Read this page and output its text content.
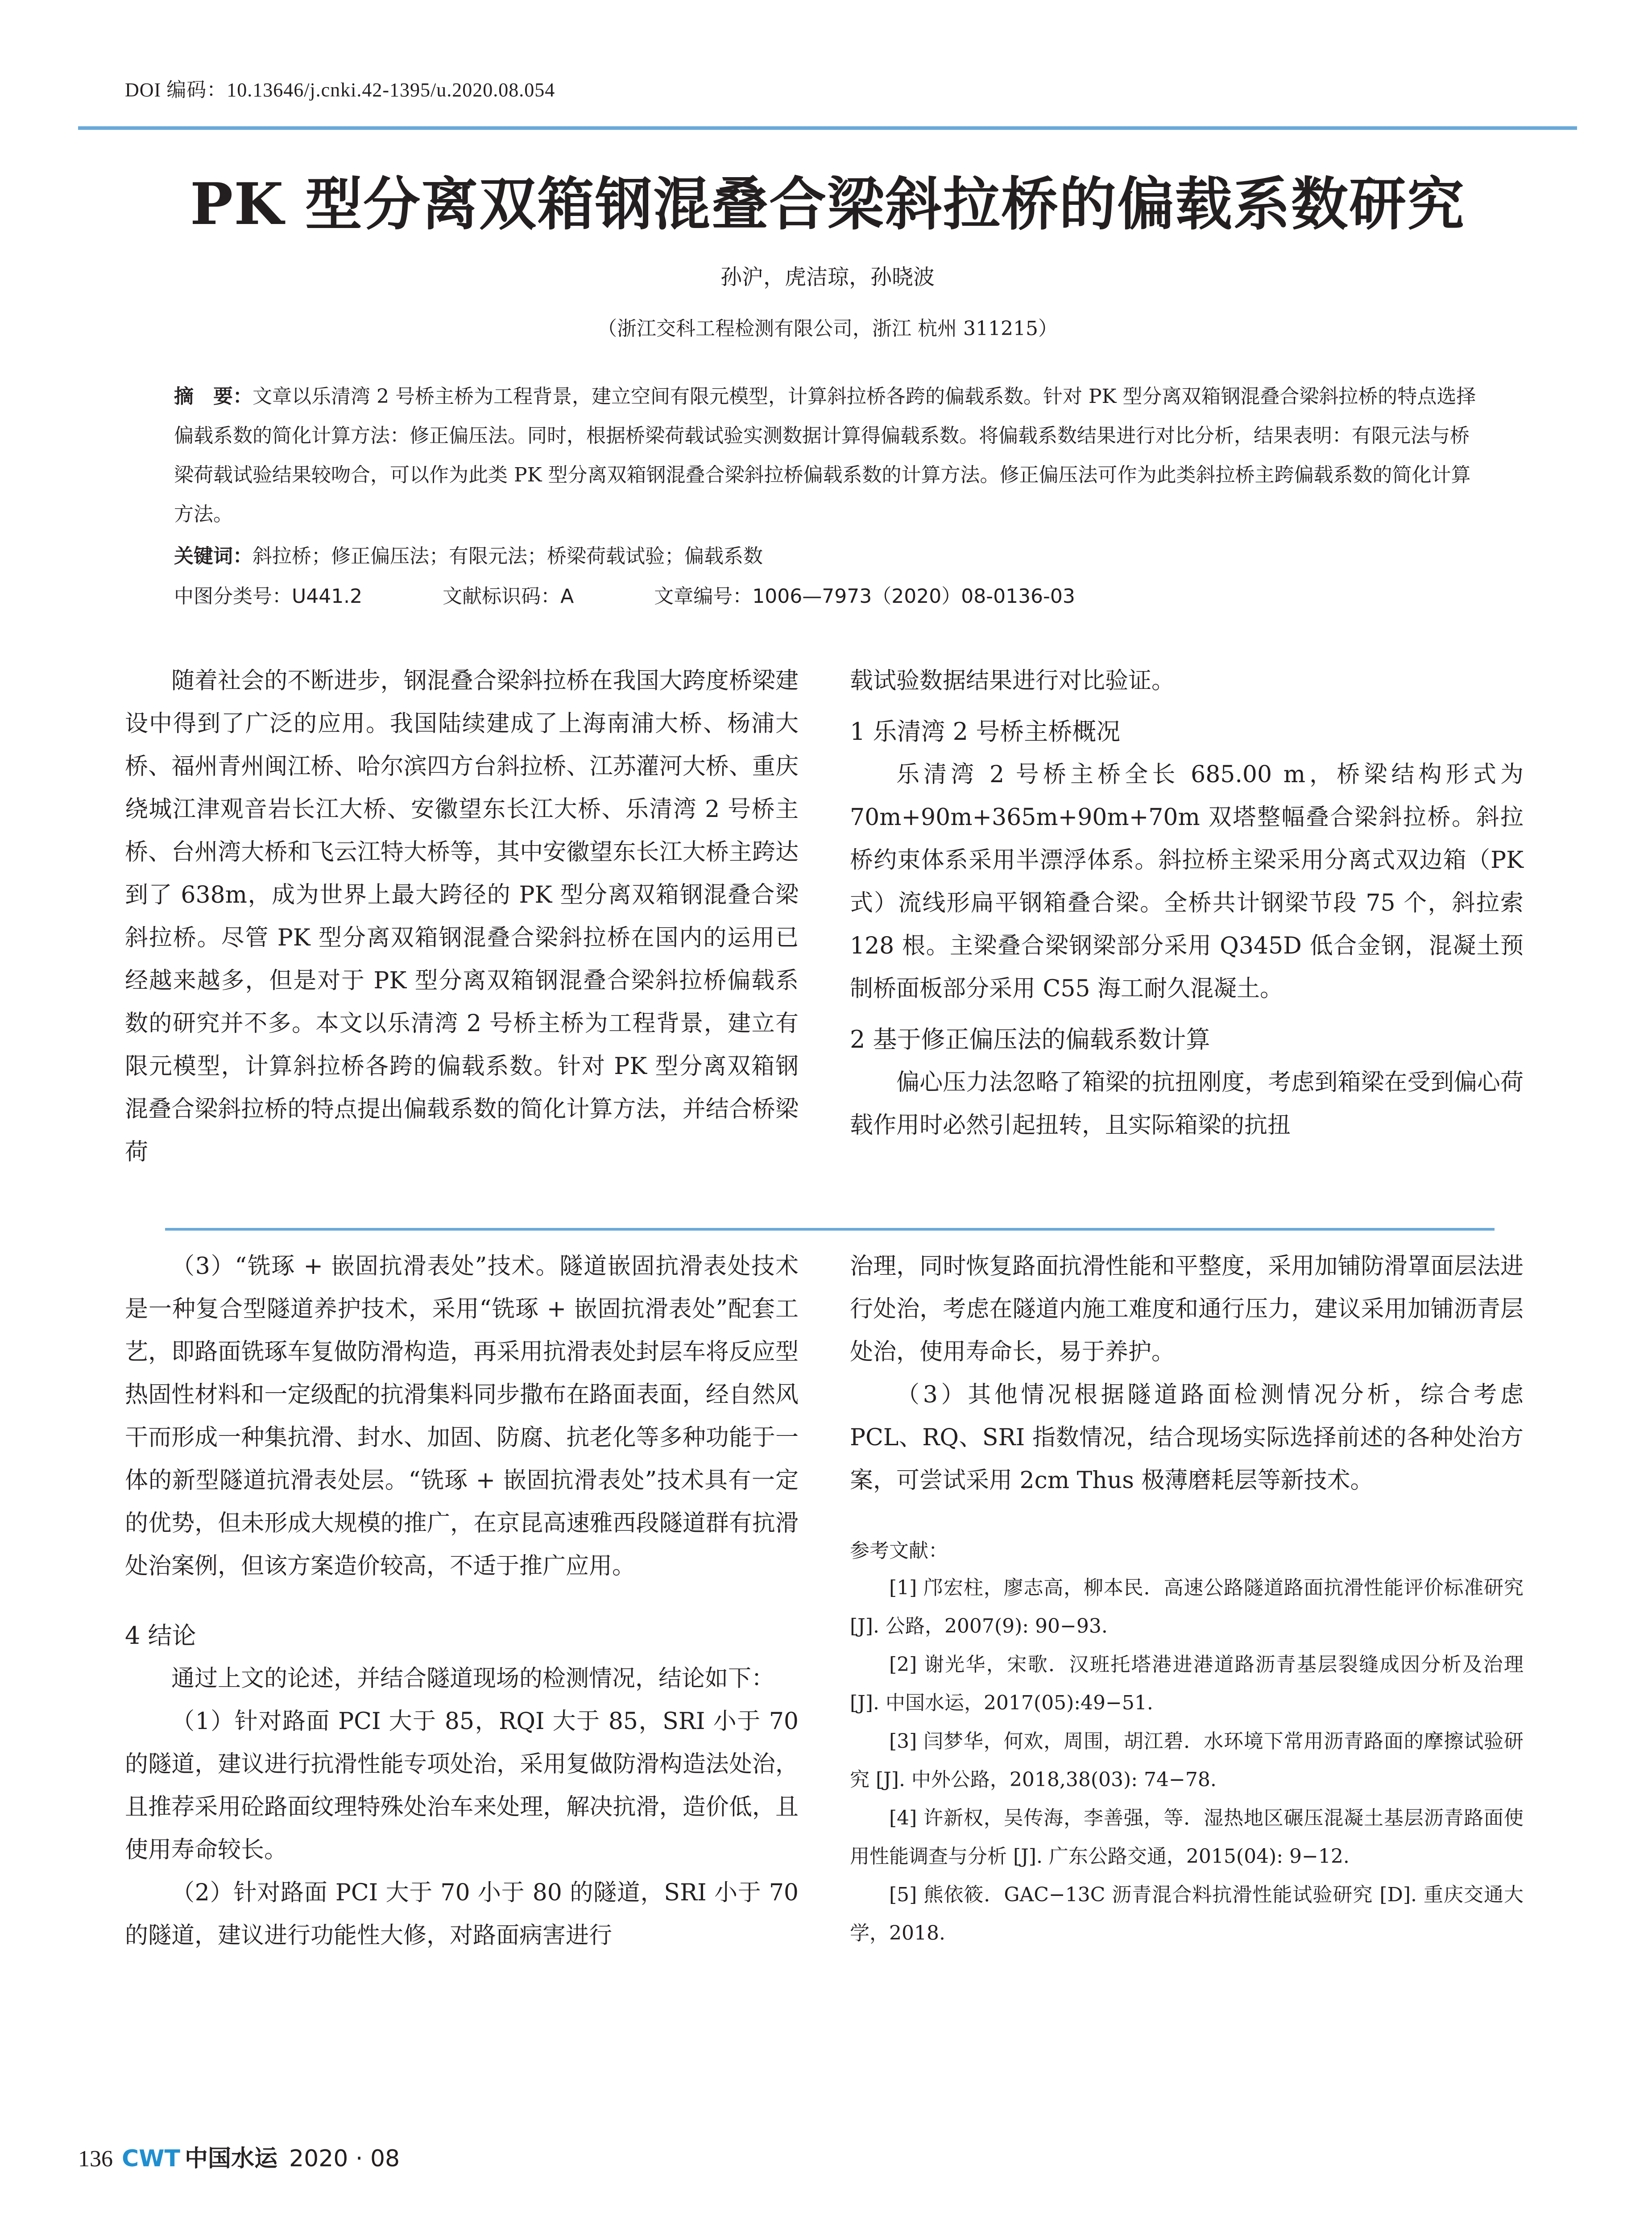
DOI 编码：10.13646/j.cnki.42-1395/u.2020.08.054
PK 型分离双箱钢混叠合梁斜拉桥的偏载系数研究
孙沪，虎洁琼，孙晓波
（浙江交科工程检测有限公司，浙江 杭州 311215）
摘　要：文章以乐清湾 2 号桥主桥为工程背景，建立空间有限元模型，计算斜拉桥各跨的偏载系数。针对 PK 型分离双箱钢混叠合梁斜拉桥的特点选择偏载系数的简化计算方法：修正偏压法。同时，根据桥梁荷载试验实测数据计算得偏载系数。将偏载系数结果进行对比分析，结果表明：有限元法与桥梁荷载试验结果较吻合，可以作为此类 PK 型分离双箱钢混叠合梁斜拉桥偏载系数的计算方法。修正偏压法可作为此类斜拉桥主跨偏载系数的简化计算方法。
关键词：斜拉桥；修正偏压法；有限元法；桥梁荷载试验；偏载系数
中图分类号：U441.2	文献标识码：A	文章编号：1006—7973（2020）08-0136-03

随着社会的不断进步，钢混叠合梁斜拉桥在我国大跨度桥梁建设中得到了广泛的应用。我国陆续建成了上海南浦大桥、杨浦大桥、福州青州闽江桥、哈尔滨四方台斜拉桥、江苏灌河大桥、重庆绕城江津观音岩长江大桥、安徽望东长江大桥、乐清湾 2 号桥主桥、台州湾大桥和飞云江特大桥等，其中安徽望东长江大桥主跨达到了 638m，成为世界上最大跨径的 PK 型分离双箱钢混叠合梁斜拉桥。尽管 PK 型分离双箱钢混叠合梁斜拉桥在国内的运用已经越来越多，但是对于 PK 型分离双箱钢混叠合梁斜拉桥偏载系数的研究并不多。本文以乐清湾 2 号桥主桥为工程背景，建立有限元模型，计算斜拉桥各跨的偏载系数。针对 PK 型分离双箱钢混叠合梁斜拉桥的特点提出偏载系数的简化计算方法，并结合桥梁荷

载试验数据结果进行对比验证。

1 乐清湾 2 号桥主桥概况

乐清湾 2 号桥主桥全长 685.00 m，桥梁结构形式为 70m+90m+365m+90m+70m 双塔整幅叠合梁斜拉桥。斜拉桥约束体系采用半漂浮体系。斜拉桥主梁采用分离式双边箱（PK 式）流线形扁平钢箱叠合梁。全桥共计钢梁节段 75 个，斜拉索 128 根。主梁叠合梁钢梁部分采用 Q345D 低合金钢，混凝土预制桥面板部分采用 C55 海工耐久混凝土。

2 基于修正偏压法的偏载系数计算

偏心压力法忽略了箱梁的抗扭刚度，考虑到箱梁在受到偏心荷载作用时必然引起扭转，且实际箱梁的抗扭

（3）“铣琢 + 嵌固抗滑表处”技术。隧道嵌固抗滑表处技术是一种复合型隧道养护技术，采用“铣琢 + 嵌固抗滑表处”配套工艺，即路面铣琢车复做防滑构造，再采用抗滑表处封层车将反应型热固性材料和一定级配的抗滑集料同步撒布在路面表面，经自然风干而形成一种集抗滑、封水、加固、防腐、抗老化等多种功能于一体的新型隧道抗滑表处层。“铣琢 + 嵌固抗滑表处”技术具有一定的优势，但未形成大规模的推广，在京昆高速雅西段隧道群有抗滑处治案例，但该方案造价较高，不适于推广应用。

4 结论

通过上文的论述，并结合隧道现场的检测情况，结论如下：

（1）针对路面 PCI 大于 85，RQI 大于 85，SRI 小于 70 的隧道，建议进行抗滑性能专项处治，采用复做防滑构造法处治，且推荐采用砼路面纹理特殊处治车来处理，解决抗滑，造价低，且使用寿命较长。

（2）针对路面 PCI 大于 70 小于 80 的隧道，SRI 小于 70 的隧道，建议进行功能性大修，对路面病害进行

治理，同时恢复路面抗滑性能和平整度，采用加铺防滑罩面层法进行处治，考虑在隧道内施工难度和通行压力，建议采用加铺沥青层处治，使用寿命长，易于养护。

（3）其他情况根据隧道路面检测情况分析，综合考虑 PCL、RQ、SRI 指数情况，结合现场实际选择前述的各种处治方案，可尝试采用 2cm Thus 极薄磨耗层等新技术。

参考文献：

[1] 邝宏柱，廖志高，柳本民．高速公路隧道路面抗滑性能评价标准研究 [J]. 公路，2007(9): 90−93.

[2] 谢光华，宋歌．汉班托塔港进港道路沥青基层裂缝成因分析及治理 [J]. 中国水运，2017(05):49−51.

[3] 闫梦华，何欢，周围，胡江碧．水环境下常用沥青路面的摩擦试验研究 [J]. 中外公路，2018,38(03): 74−78.

[4] 许新权，吴传海，李善强，等．湿热地区碾压混凝土基层沥青路面使用性能调查与分析 [J]. 广东公路交通，2015(04): 9−12.

[5] 熊依筱．GAC−13C 沥青混合料抗滑性能试验研究 [D]. 重庆交通大学，2018.

136 CWT 中国水运 2020 · 08
